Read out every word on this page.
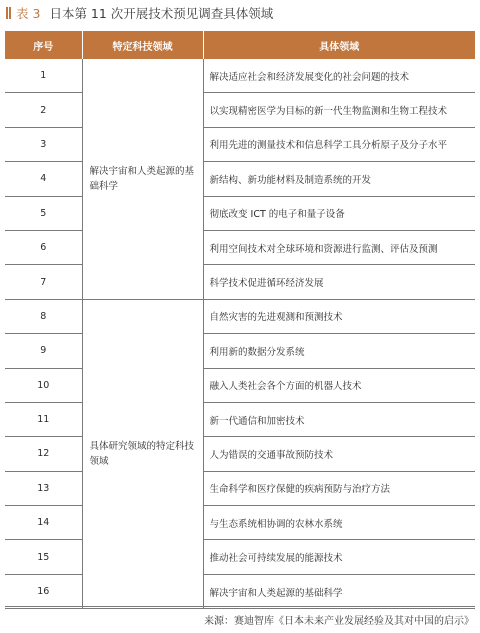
表 3 日本第 11 次开展技术预见调查具体领域
序号	特定科技领域	具体领域
1	解决宇宙和人类起源的基础科学	解决适应社会和经济发展变化的社会问题的技术
2		以实现精密医学为目标的新一代生物监测和生物工程技术
3		利用先进的测量技术和信息科学工具分析原子及分子水平
4		新结构、新功能材料及制造系统的开发
5		彻底改变 ICT 的电子和量子设备
6		利用空间技术对全球环境和资源进行监测、评估及预测
7		科学技术促进循环经济发展
8	具体研究领域的特定科技领域	自然灾害的先进观测和预测技术
9		利用新的数据分发系统
10		融入人类社会各个方面的机器人技术
11		新一代通信和加密技术
12		人为错误的交通事故预防技术
13		生命科学和医疗保健的疾病预防与治疗方法
14		与生态系统相协调的农林水系统
15		推动社会可持续发展的能源技术
16		解决宇宙和人类起源的基础科学
来源：赛迪智库《日本未来产业发展经验及其对中国的启示》
